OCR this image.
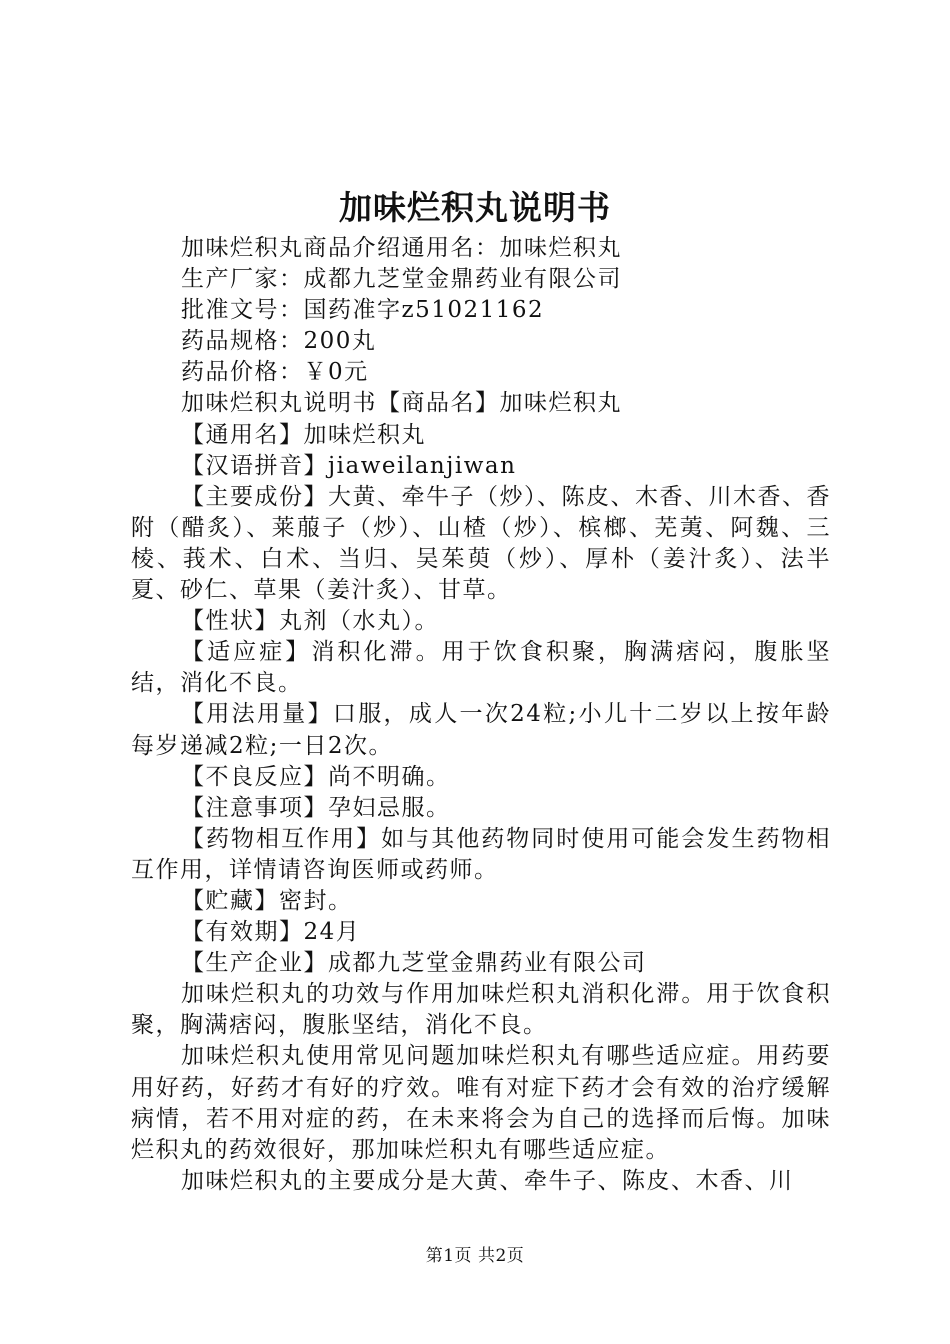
加味烂积丸说明书

加味烂积丸商品介绍通用名：加味烂积丸

生产厂家：成都九芝堂金鼎药业有限公司

批准文号：国药准字z51021162

药品规格：200丸

药品价格：￥0元

加味烂积丸说明书【商品名】加味烂积丸

【通用名】加味烂积丸

【汉语拼音】jiaweilanjiwan

【主要成份】大黄、牵牛子（炒）、陈皮、木香、川木香、香附（醋炙）、莱菔子（炒）、山楂（炒）、槟榔、芜荑、阿魏、三棱、莪术、白术、当归、吴茱萸（炒）、厚朴（姜汁炙）、法半夏、砂仁、草果（姜汁炙）、甘草。

【性状】丸剂（水丸）。

【适应症】消积化滞。用于饮食积聚，胸满痞闷，腹胀坚结，消化不良。

【用法用量】口服，成人一次24粒;小儿十二岁以上按年龄每岁递减2粒;一日2次。

【不良反应】尚不明确。

【注意事项】孕妇忌服。

【药物相互作用】如与其他药物同时使用可能会发生药物相互作用，详情请咨询医师或药师。

【贮藏】密封。

【有效期】24月

【生产企业】成都九芝堂金鼎药业有限公司

加味烂积丸的功效与作用加味烂积丸消积化滞。用于饮食积聚，胸满痞闷，腹胀坚结，消化不良。

加味烂积丸使用常见问题加味烂积丸有哪些适应症。用药要用好药，好药才有好的疗效。唯有对症下药才会有效的治疗缓解病情，若不用对症的药，在未来将会为自己的选择而后悔。加味烂积丸的药效很好，那加味烂积丸有哪些适应症。

加味烂积丸的主要成分是大黄、牵牛子、陈皮、木香、川

第1页 共2页
